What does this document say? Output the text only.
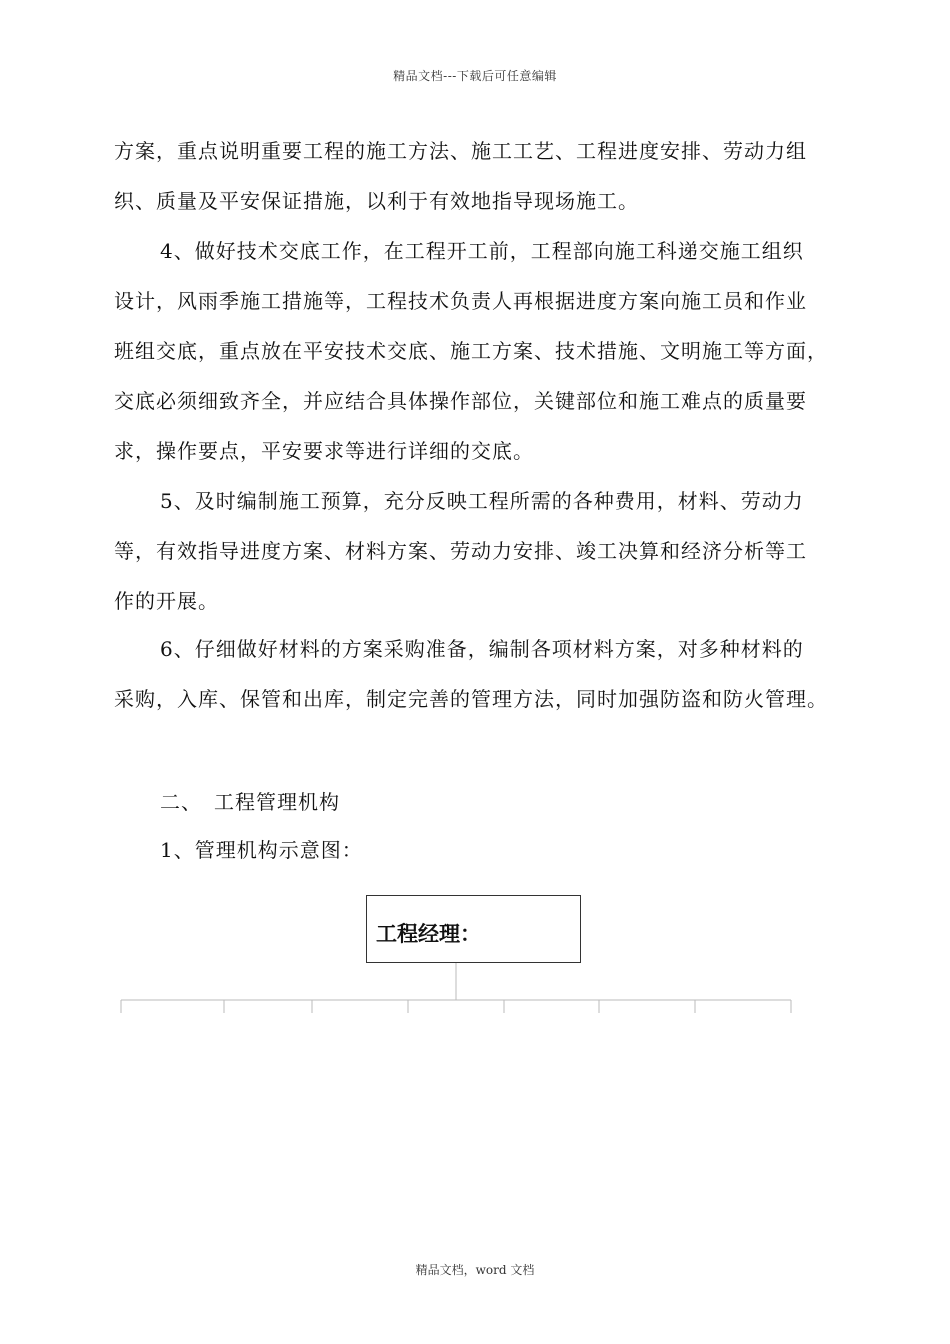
精品文档---下载后可任意编辑
方案，重点说明重要工程的施工方法、施工工艺、工程进度安排、劳动力组
织、质量及平安保证措施，以利于有效地指导现场施工。
4、做好技术交底工作，在工程开工前，工程部向施工科递交施工组织
设计，风雨季施工措施等，工程技术负责人再根据进度方案向施工员和作业
班组交底，重点放在平安技术交底、施工方案、技术措施、文明施工等方面，
交底必须细致齐全，并应结合具体操作部位，关键部位和施工难点的质量要
求，操作要点，平安要求等进行详细的交底。
5、及时编制施工预算，充分反映工程所需的各种费用，材料、劳动力
等，有效指导进度方案、材料方案、劳动力安排、竣工决算和经济分析等工
作的开展。
6、仔细做好材料的方案采购准备，编制各项材料方案，对多种材料的
采购，入库、保管和出库，制定完善的管理方法，同时加强防盗和防火管理。
二、 工程管理机构
1、管理机构示意图：
工程经理：
精品文档，word 文档
